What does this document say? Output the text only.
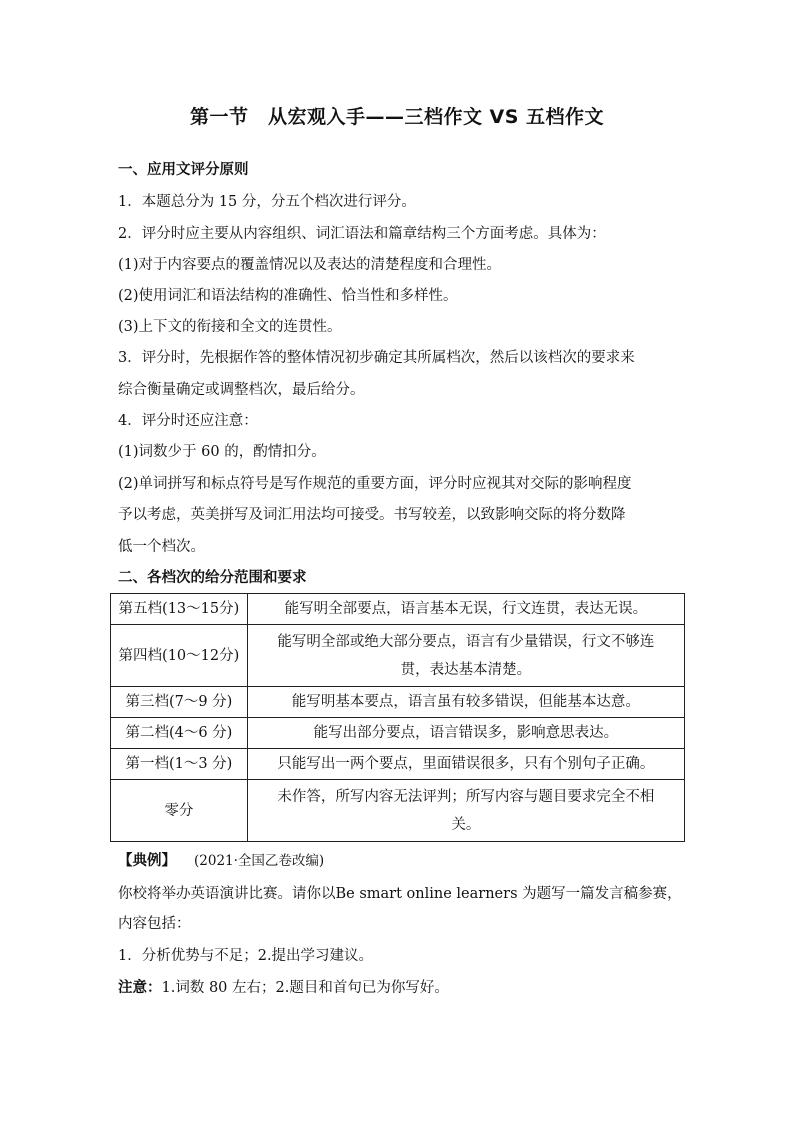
第一节　从宏观入手——三档作文 VS 五档作文
一、应用文评分原则
1．本题总分为 15 分，分五个档次进行评分。
2．评分时应主要从内容组织、词汇语法和篇章结构三个方面考虑。具体为：
(1)对于内容要点的覆盖情况以及表达的清楚程度和合理性。
(2)使用词汇和语法结构的准确性、恰当性和多样性。
(3)上下文的衔接和全文的连贯性。
3．评分时，先根据作答的整体情况初步确定其所属档次，然后以该档次的要求来
综合衡量确定或调整档次，最后给分。
4．评分时还应注意：
(1)词数少于 60 的，酌情扣分。
(2)单词拼写和标点符号是写作规范的重要方面，评分时应视其对交际的影响程度
予以考虑，英美拼写及词汇用法均可接受。书写较差，以致影响交际的将分数降
低一个档次。
二、各档次的给分范围和要求
第五档(13～15分)	能写明全部要点，语言基本无误，行文连贯，表达无误。
第四档(10～12分)	能写明全部或绝大部分要点，语言有少量错误，行文不够连
贯，表达基本清楚。

第三档(7～9 分)	能写明基本要点，语言虽有较多错误，但能基本达意。
第二档(4～6 分)	能写出部分要点，语言错误多，影响意思表达。
第一档(1～3 分)	只能写出一两个要点，里面错误很多，只有个别句子正确。
零分	未作答，所写内容无法评判；所写内容与题目要求完全不相
关。
【典例】 (2021·全国乙卷改编)
你校将举办英语演讲比赛。请你以Be smart online learners 为题写一篇发言稿参赛，
内容包括：
1．分析优势与不足；2.提出学习建议。
注意：1.词数 80 左右；2.题目和首句已为你写好。
